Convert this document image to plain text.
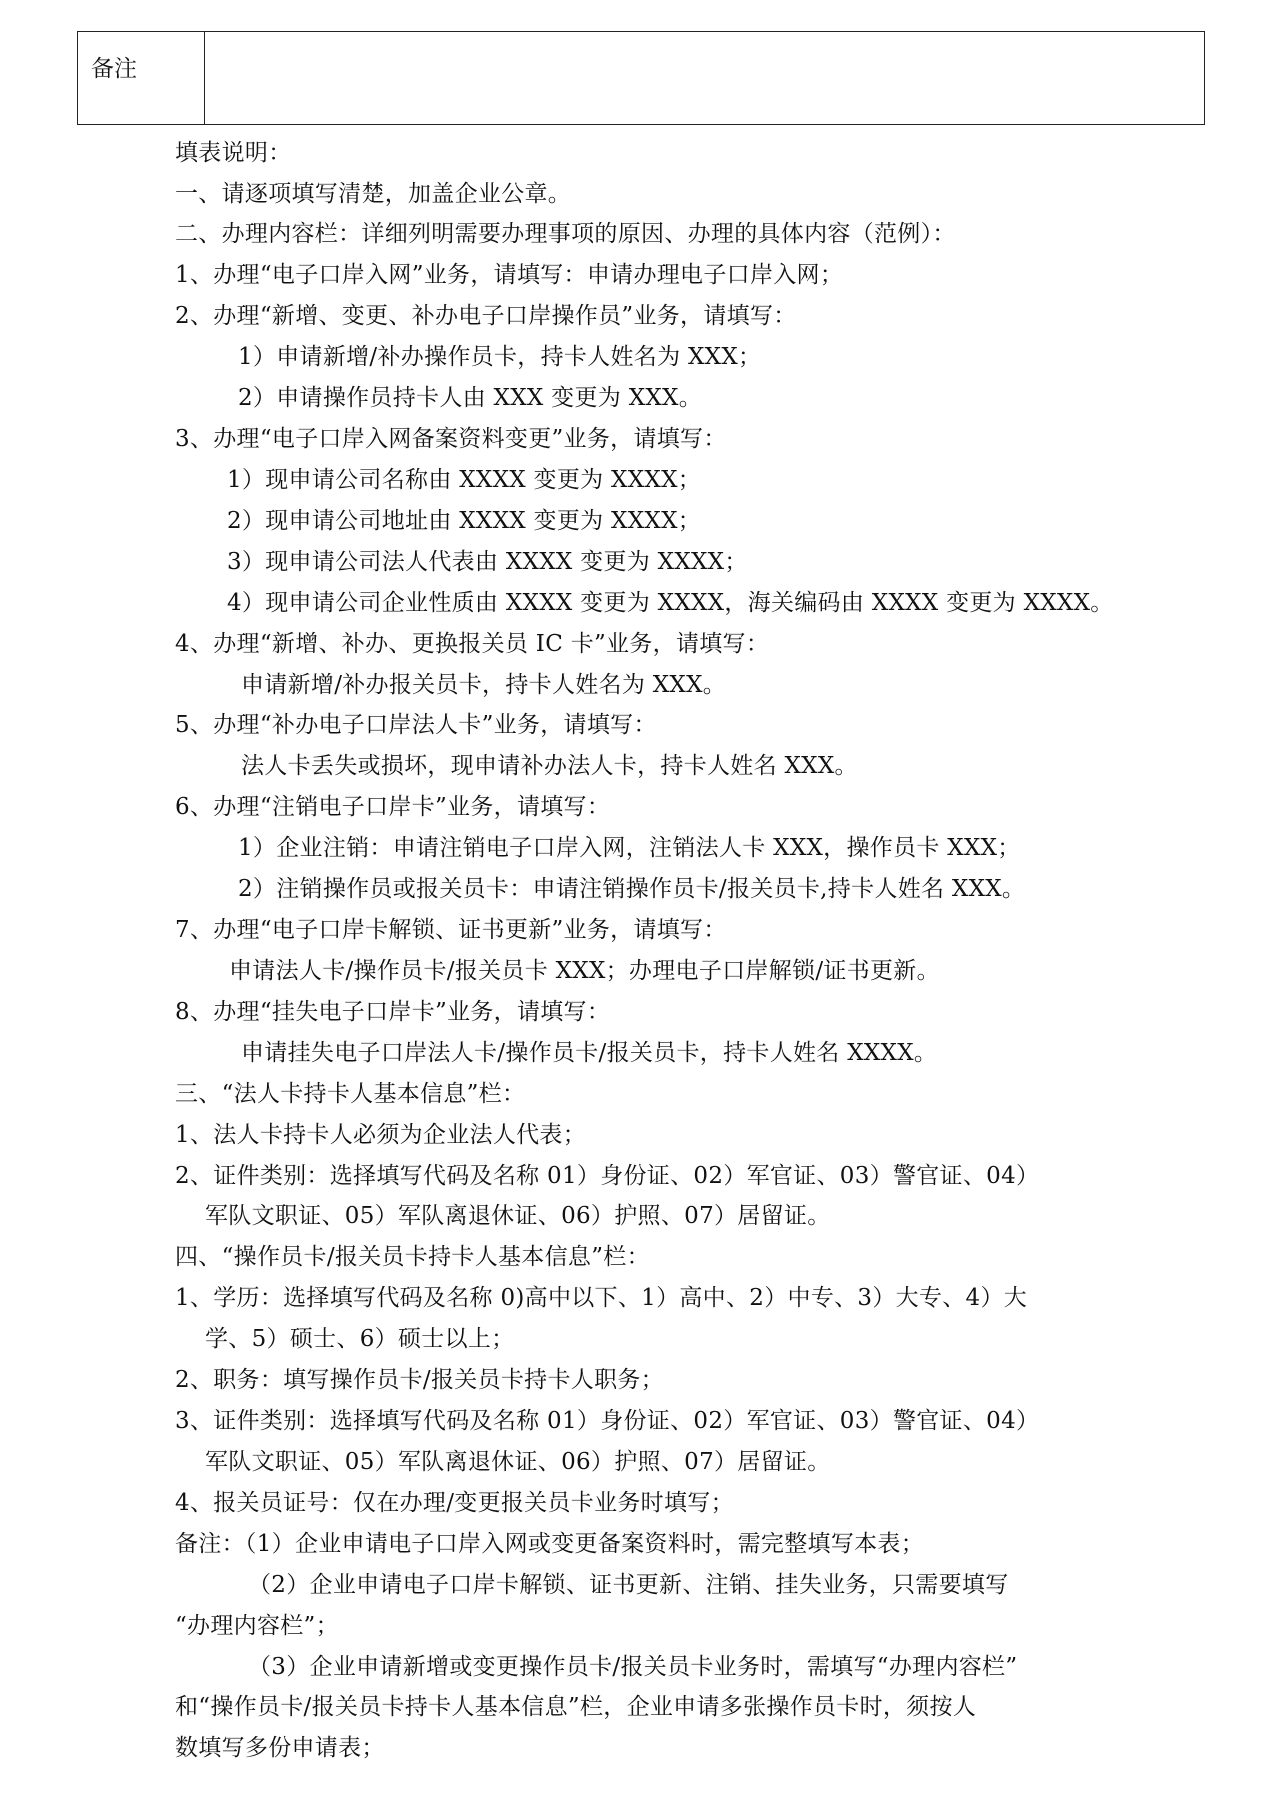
备注	
填表说明：
一、请逐项填写清楚，加盖企业公章。
二、办理内容栏：详细列明需要办理事项的原因、办理的具体内容（范例）：
1、办理“电子口岸入网”业务，请填写：申请办理电子口岸入网；
2、办理“新增、变更、补办电子口岸操作员”业务，请填写：
1）申请新增/补办操作员卡，持卡人姓名为 XXX；
2）申请操作员持卡人由 XXX 变更为 XXX。
3、办理“电子口岸入网备案资料变更”业务，请填写：
1）现申请公司名称由 XXXX 变更为 XXXX；
2）现申请公司地址由 XXXX 变更为 XXXX；
3）现申请公司法人代表由 XXXX 变更为 XXXX；
4）现申请公司企业性质由 XXXX 变更为 XXXX，海关编码由 XXXX 变更为 XXXX。
4、办理“新增、补办、更换报关员 IC 卡”业务，请填写：
申请新增/补办报关员卡，持卡人姓名为 XXX。
5、办理“补办电子口岸法人卡”业务，请填写：
法人卡丢失或损坏，现申请补办法人卡，持卡人姓名 XXX。
6、办理“注销电子口岸卡”业务，请填写：
1）企业注销：申请注销电子口岸入网，注销法人卡 XXX，操作员卡 XXX；
2）注销操作员或报关员卡：申请注销操作员卡/报关员卡,持卡人姓名 XXX。
7、办理“电子口岸卡解锁、证书更新”业务，请填写：
申请法人卡/操作员卡/报关员卡 XXX；办理电子口岸解锁/证书更新。
8、办理“挂失电子口岸卡”业务，请填写：
申请挂失电子口岸法人卡/操作员卡/报关员卡，持卡人姓名 XXXX。
三、“法人卡持卡人基本信息”栏：
1、法人卡持卡人必须为企业法人代表；
2、证件类别：选择填写代码及名称 01）身份证、02）军官证、03）警官证、04）
军队文职证、05）军队离退休证、06）护照、07）居留证。
四、“操作员卡/报关员卡持卡人基本信息”栏：
1、学历：选择填写代码及名称 0)高中以下、1）高中、2）中专、3）大专、4）大
学、5）硕士、6）硕士以上；
2、职务：填写操作员卡/报关员卡持卡人职务；
3、证件类别：选择填写代码及名称 01）身份证、02）军官证、03）警官证、04）
军队文职证、05）军队离退休证、06）护照、07）居留证。
4、报关员证号：仅在办理/变更报关员卡业务时填写；
备注：（1）企业申请电子口岸入网或变更备案资料时，需完整填写本表；
（2）企业申请电子口岸卡解锁、证书更新、注销、挂失业务，只需要填写
“办理内容栏”；
（3）企业申请新增或变更操作员卡/报关员卡业务时，需填写“办理内容栏”
和“操作员卡/报关员卡持卡人基本信息”栏，企业申请多张操作员卡时，须按人
数填写多份申请表；
